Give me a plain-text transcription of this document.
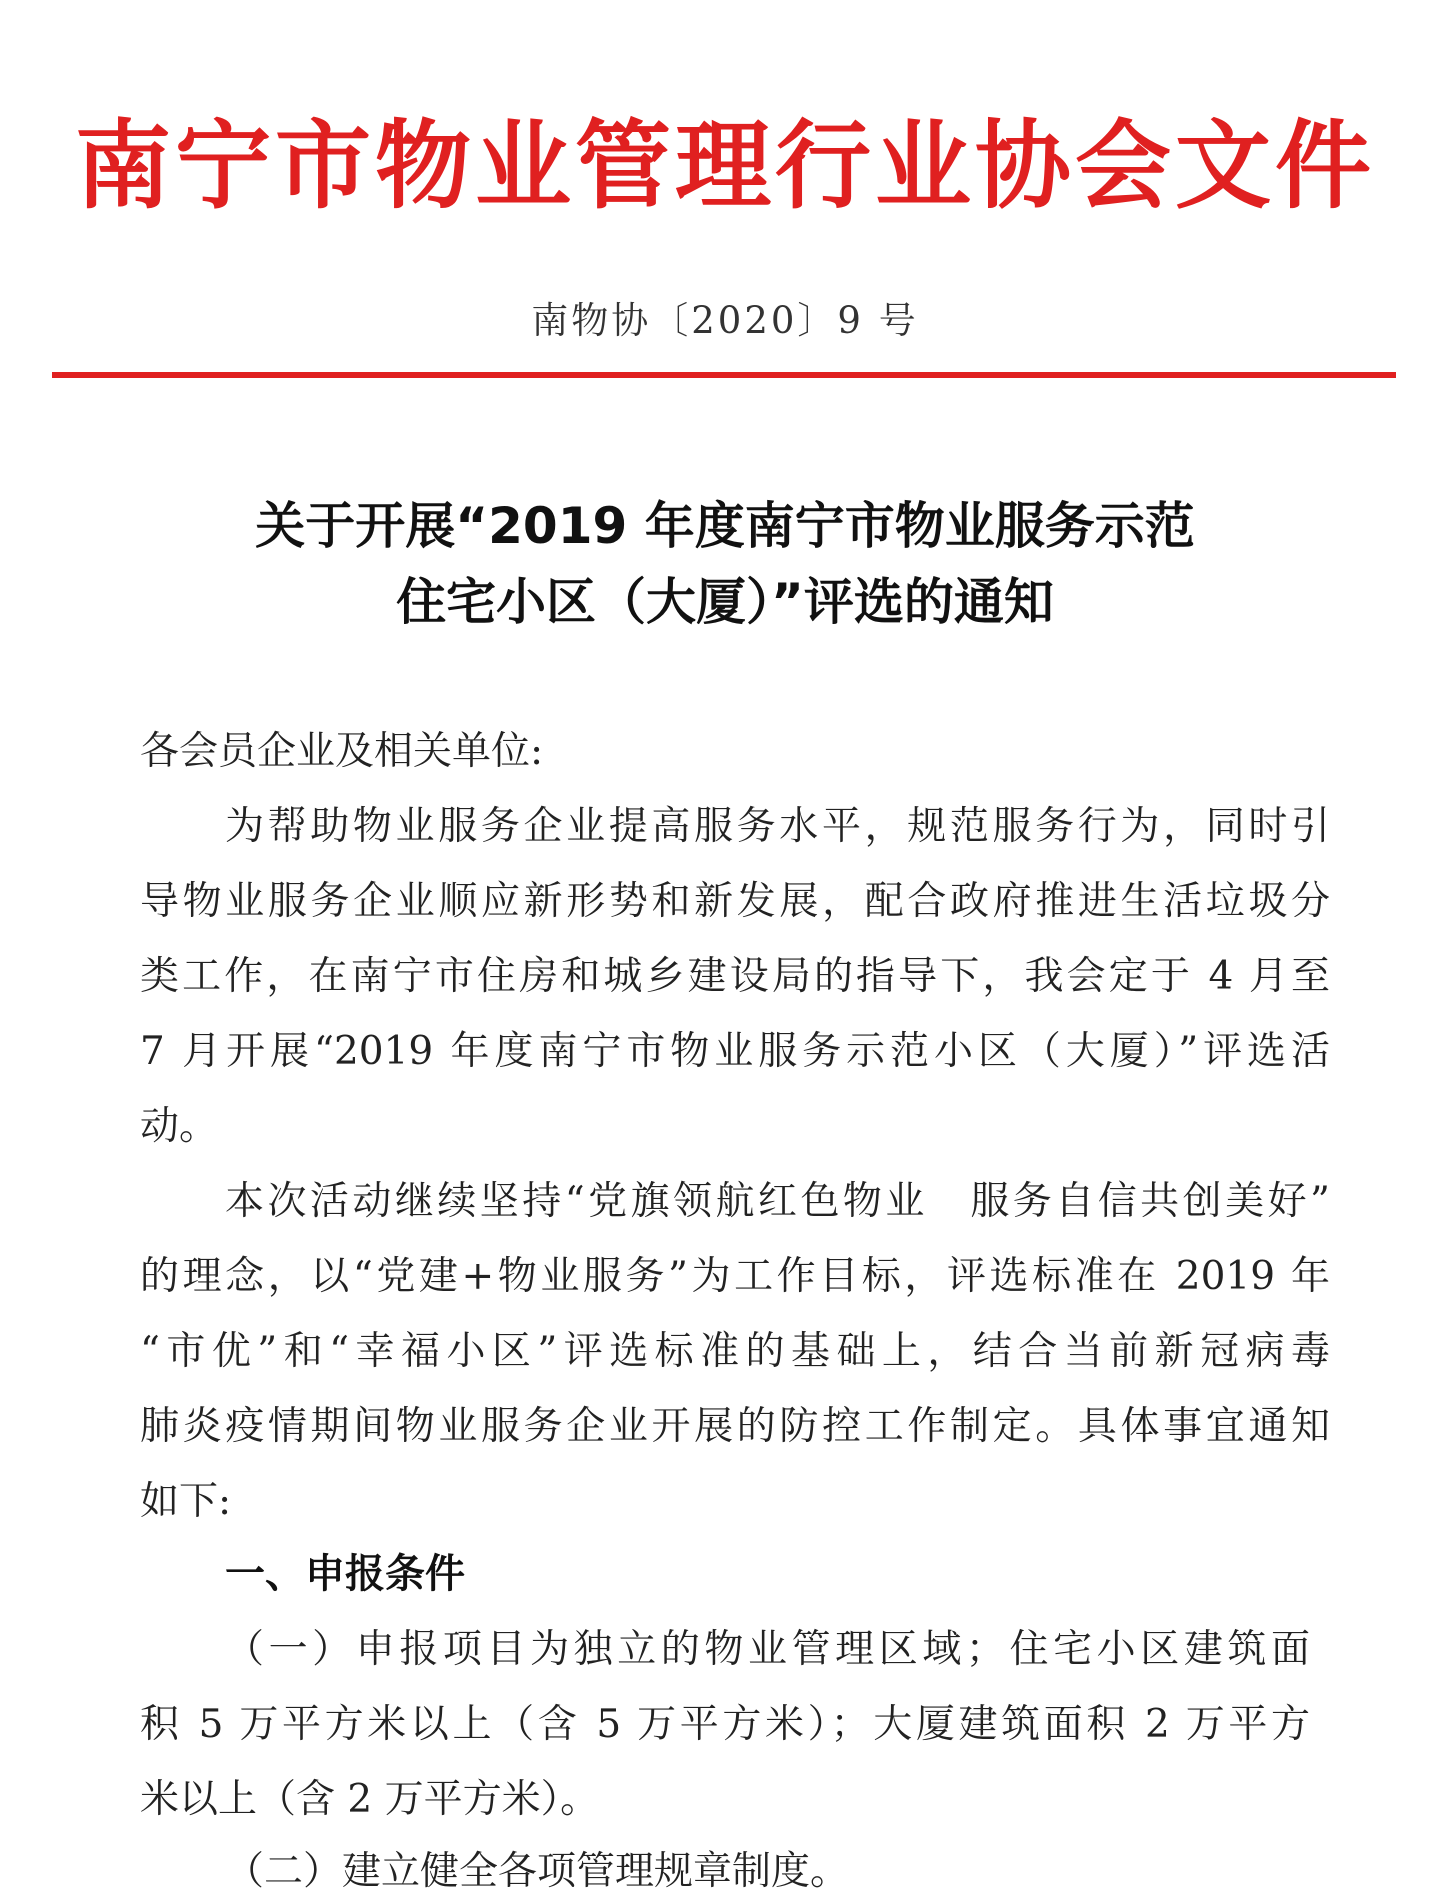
南宁市物业管理行业协会文件
南物协〔2020〕9 号
关于开展“2019 年度南宁市物业服务示范
住宅小区（大厦）”评选的通知
各会员企业及相关单位:
为帮助物业服务企业提高服务水平，规范服务行为，同时引
导物业服务企业顺应新形势和新发展，配合政府推进生活垃圾分
类工作，在南宁市住房和城乡建设局的指导下，我会定于 4 月至
7 月开展“2019 年度南宁市物业服务示范小区（大厦）”评选活
动。
本次活动继续坚持“党旗领航红色物业　服务自信共创美好”
的理念，以“党建+物业服务”为工作目标，评选标准在 2019 年
“市优”和“幸福小区”评选标准的基础上，结合当前新冠病毒
肺炎疫情期间物业服务企业开展的防控工作制定。具体事宜通知
如下:
一、申报条件
（一）申报项目为独立的物业管理区域；住宅小区建筑面
积 5 万平方米以上（含 5 万平方米）；大厦建筑面积 2 万平方
米以上（含 2 万平方米）。
（二）建立健全各项管理规章制度。
